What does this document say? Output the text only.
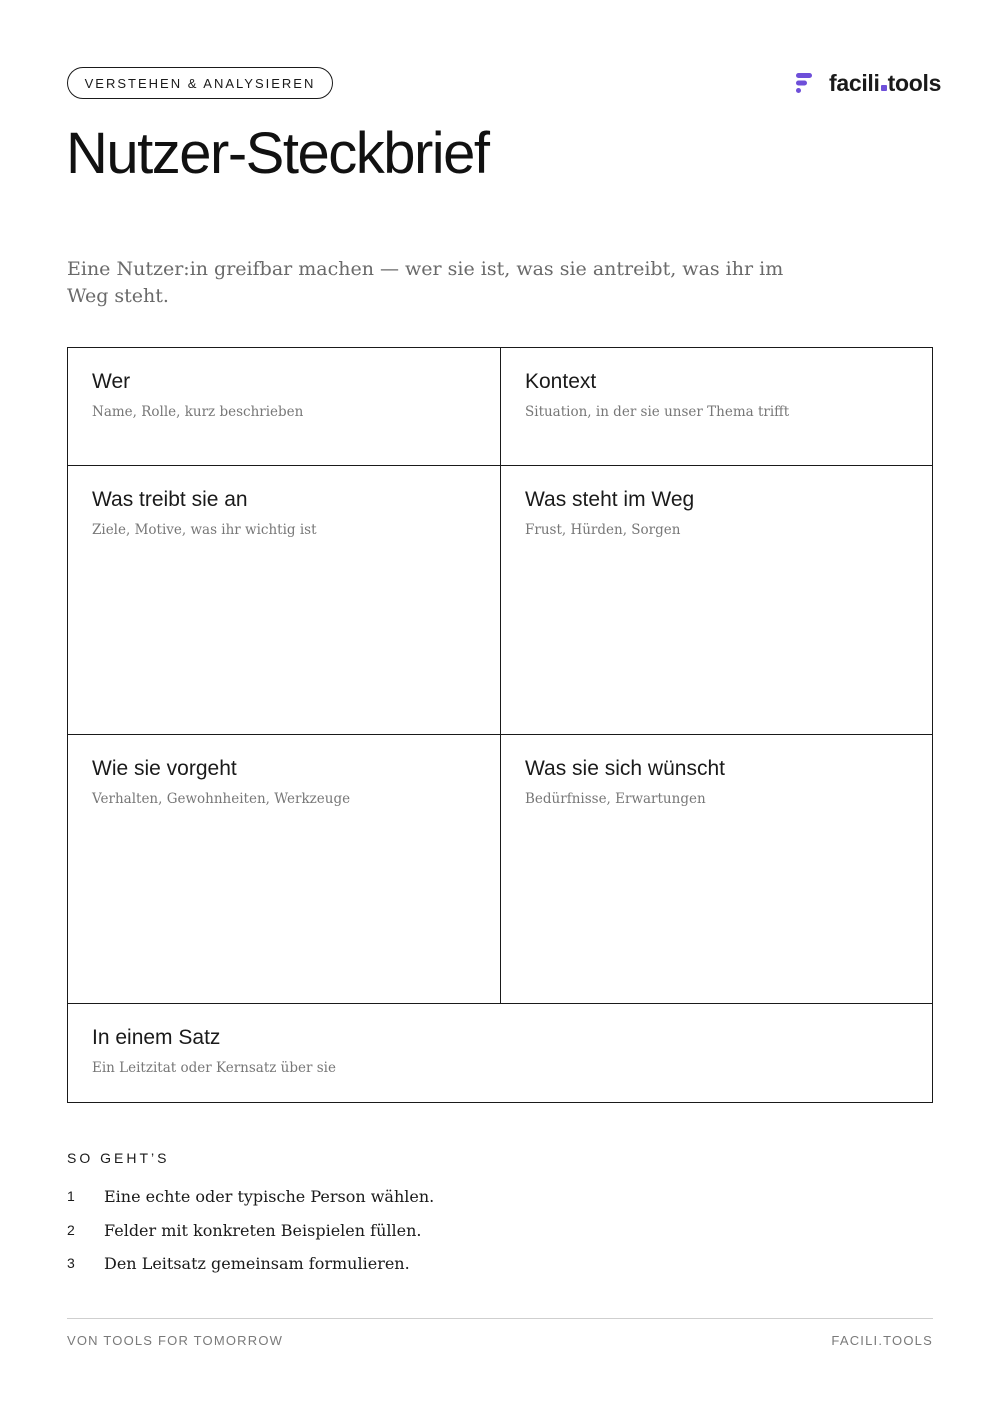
VERSTEHEN & ANALYSIEREN	facili tools
Nutzer-Steckbrief

Eine Nutzer:in greifbar machen — wer sie ist, was sie antreibt, was ihr im Weg steht.

Wer
Name, Rolle, kurz beschrieben
Kontext
Situation, in der sie unser Thema trifft
Was treibt sie an
Ziele, Motive, was ihr wichtig ist
Was steht im Weg
Frust, Hürden, Sorgen
Wie sie vorgeht
Verhalten, Gewohnheiten, Werkzeuge
Was sie sich wünscht
Bedürfnisse, Erwartungen
In einem Satz
Ein Leitzitat oder Kernsatz über sie
SO GEHT’S
1	Eine echte oder typische Person wählen.
2	Felder mit konkreten Beispielen füllen.
3	Den Leitsatz gemeinsam formulieren.
VON TOOLS FOR TOMORROW	FACILI.TOOLS
